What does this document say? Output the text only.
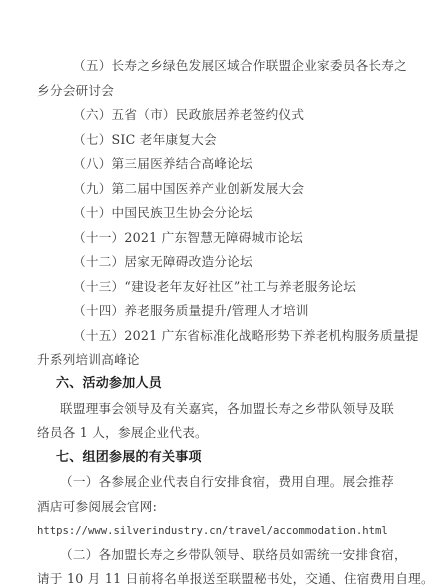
（五）长寿之乡绿色发展区域合作联盟企业家委员各长寿之
乡分会研讨会
（六）五省（市）民政旅居养老签约仪式
（七）SIC 老年康复大会
（八）第三届医养结合高峰论坛
（九）第二届中国医养产业创新发展大会
（十）中国民族卫生协会分论坛
（十一）2021 广东智慧无障碍城市论坛
（十二）居家无障碍改造分论坛
（十三）“建设老年友好社区”社工与养老服务论坛
（十四）养老服务质量提升/管理人才培训
（十五）2021 广东省标准化战略形势下养老机构服务质量提
升系列培训高峰论
六、活动参加人员
联盟理事会领导及有关嘉宾，各加盟长寿之乡带队领导及联
络员各 1 人，参展企业代表。
七、组团参展的有关事项
（一）各参展企业代表自行安排食宿，费用自理。展会推荐
酒店可参阅展会官网:
https://www.silverindustry.cn/travel/accommodation.html
（二）各加盟长寿之乡带队领导、联络员如需统一安排食宿，
请于 10 月 11 日前将名单报送至联盟秘书处，交通、住宿费用自理。
